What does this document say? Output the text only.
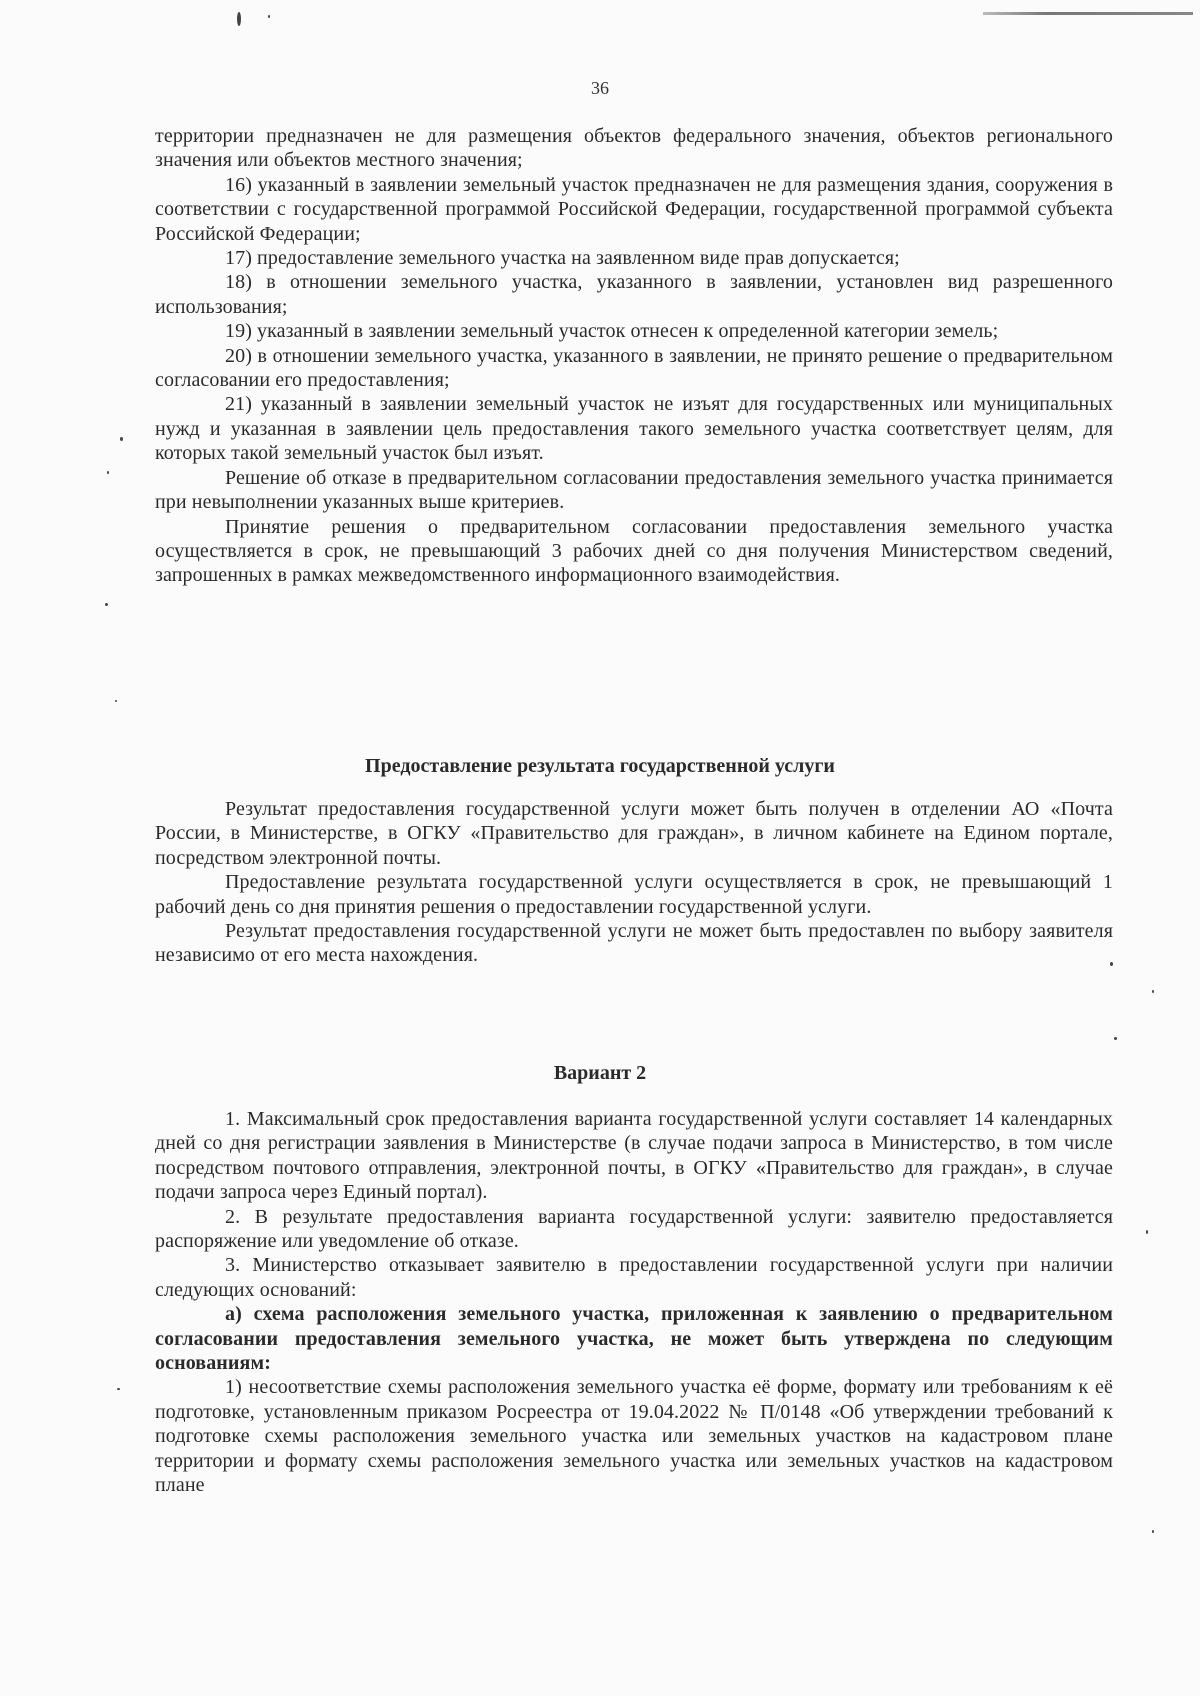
36

территории предназначен не для размещения объектов федерального значения, объектов регионального значения или объектов местного значения;

16) указанный в заявлении земельный участок предназначен не для размещения здания, сооружения в соответствии с государственной программой Российской Федерации, государственной программой субъекта Российской Федерации;

17) предоставление земельного участка на заявленном виде прав допускается;

18) в отношении земельного участка, указанного в заявлении, установлен вид разрешенного использования;

19) указанный в заявлении земельный участок отнесен к определенной категории земель;

20) в отношении земельного участка, указанного в заявлении, не принято решение о предварительном согласовании его предоставления;

21) указанный в заявлении земельный участок не изъят для государственных или муниципальных нужд и указанная в заявлении цель предоставления такого земельного участка соответствует целям, для которых такой земельный участок был изъят.

Решение об отказе в предварительном согласовании предоставления земельного участка принимается при невыполнении указанных выше критериев.

Принятие решения о предварительном согласовании предоставления земельного участка осуществляется в срок, не превышающий 3 рабочих дней со дня получения Министерством сведений, запрошенных в рамках межведомственного информационного взаимодействия.

Предоставление результата государственной услуги

Результат предоставления государственной услуги может быть получен в отделении АО «Почта России, в Министерстве, в ОГКУ «Правительство для граждан», в личном кабинете на Едином портале, посредством электронной почты.

Предоставление результата государственной услуги осуществляется в срок, не превышающий 1 рабочий день со дня принятия решения о предоставлении государственной услуги.

Результат предоставления государственной услуги не может быть предоставлен по выбору заявителя независимо от его места нахождения.

Вариант 2

1. Максимальный срок предоставления варианта государственной услуги составляет 14 календарных дней со дня регистрации заявления в Министерстве (в случае подачи запроса в Министерство, в том числе посредством почтового отправления, электронной почты, в ОГКУ «Правительство для граждан», в случае подачи запроса через Единый портал).

2. В результате предоставления варианта государственной услуги: заявителю предоставляется распоряжение или уведомление об отказе.

3. Министерство отказывает заявителю в предоставлении государственной услуги при наличии следующих оснований:

а) схема расположения земельного участка, приложенная к заявлению о предварительном согласовании предоставления земельного участка, не может быть утверждена по следующим основаниям:

1) несоответствие схемы расположения земельного участка её форме, формату или требованиям к её подготовке, установленным приказом Росреестра от 19.04.2022 № П/0148 «Об утверждении требований к подготовке схемы расположения земельного участка или земельных участков на кадастровом плане территории и формату схемы расположения земельного участка или земельных участков на кадастровом плане
